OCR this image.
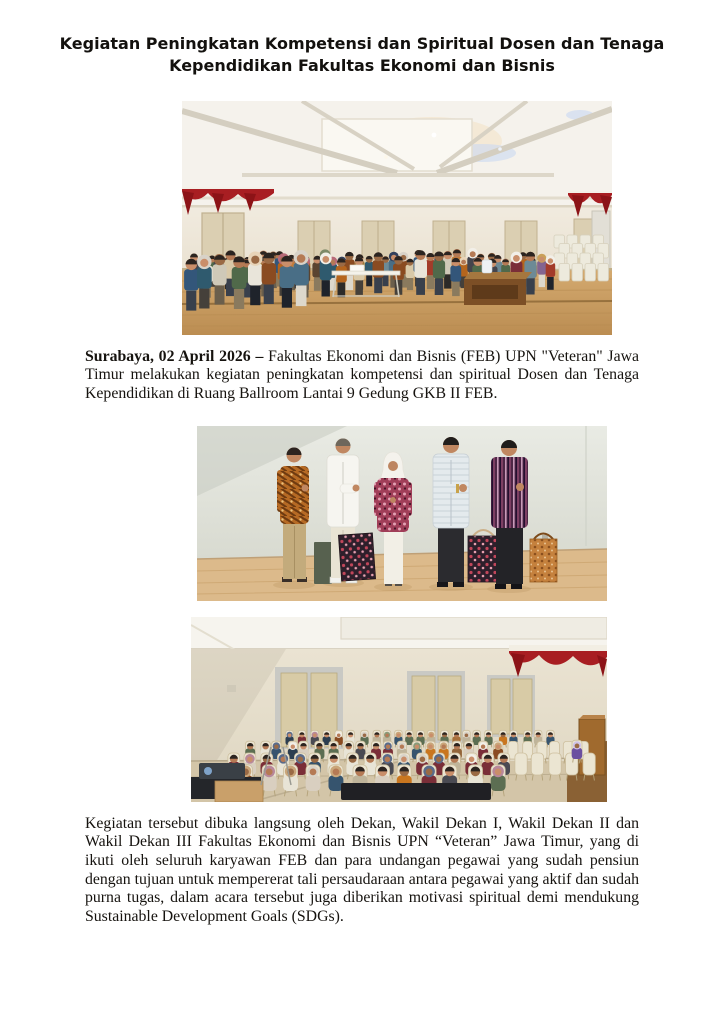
Kegiatan Peningkatan Kompetensi dan Spiritual Dosen dan Tenaga
Kependidikan Fakultas Ekonomi dan Bisnis

Surabaya, 02 April 2026 – Fakultas Ekonomi dan Bisnis (FEB) UPN "Veteran" Jawa Timur melakukan kegiatan peningkatan kompetensi dan spiritual Dosen dan Tenaga Kependidikan di Ruang Ballroom Lantai 9 Gedung GKB II FEB.

Kegiatan tersebut dibuka langsung oleh Dekan, Wakil Dekan I, Wakil Dekan II dan Wakil Dekan III Fakultas Ekonomi dan Bisnis UPN “Veteran” Jawa Timur, yang di ikuti oleh seluruh karyawan FEB dan para undangan pegawai yang sudah pensiun dengan tujuan untuk mempererat tali persaudaraan antara pegawai yang aktif dan sudah purna tugas, dalam acara tersebut juga diberikan motivasi spiritual demi mendukung Sustainable Development Goals (SDGs).
